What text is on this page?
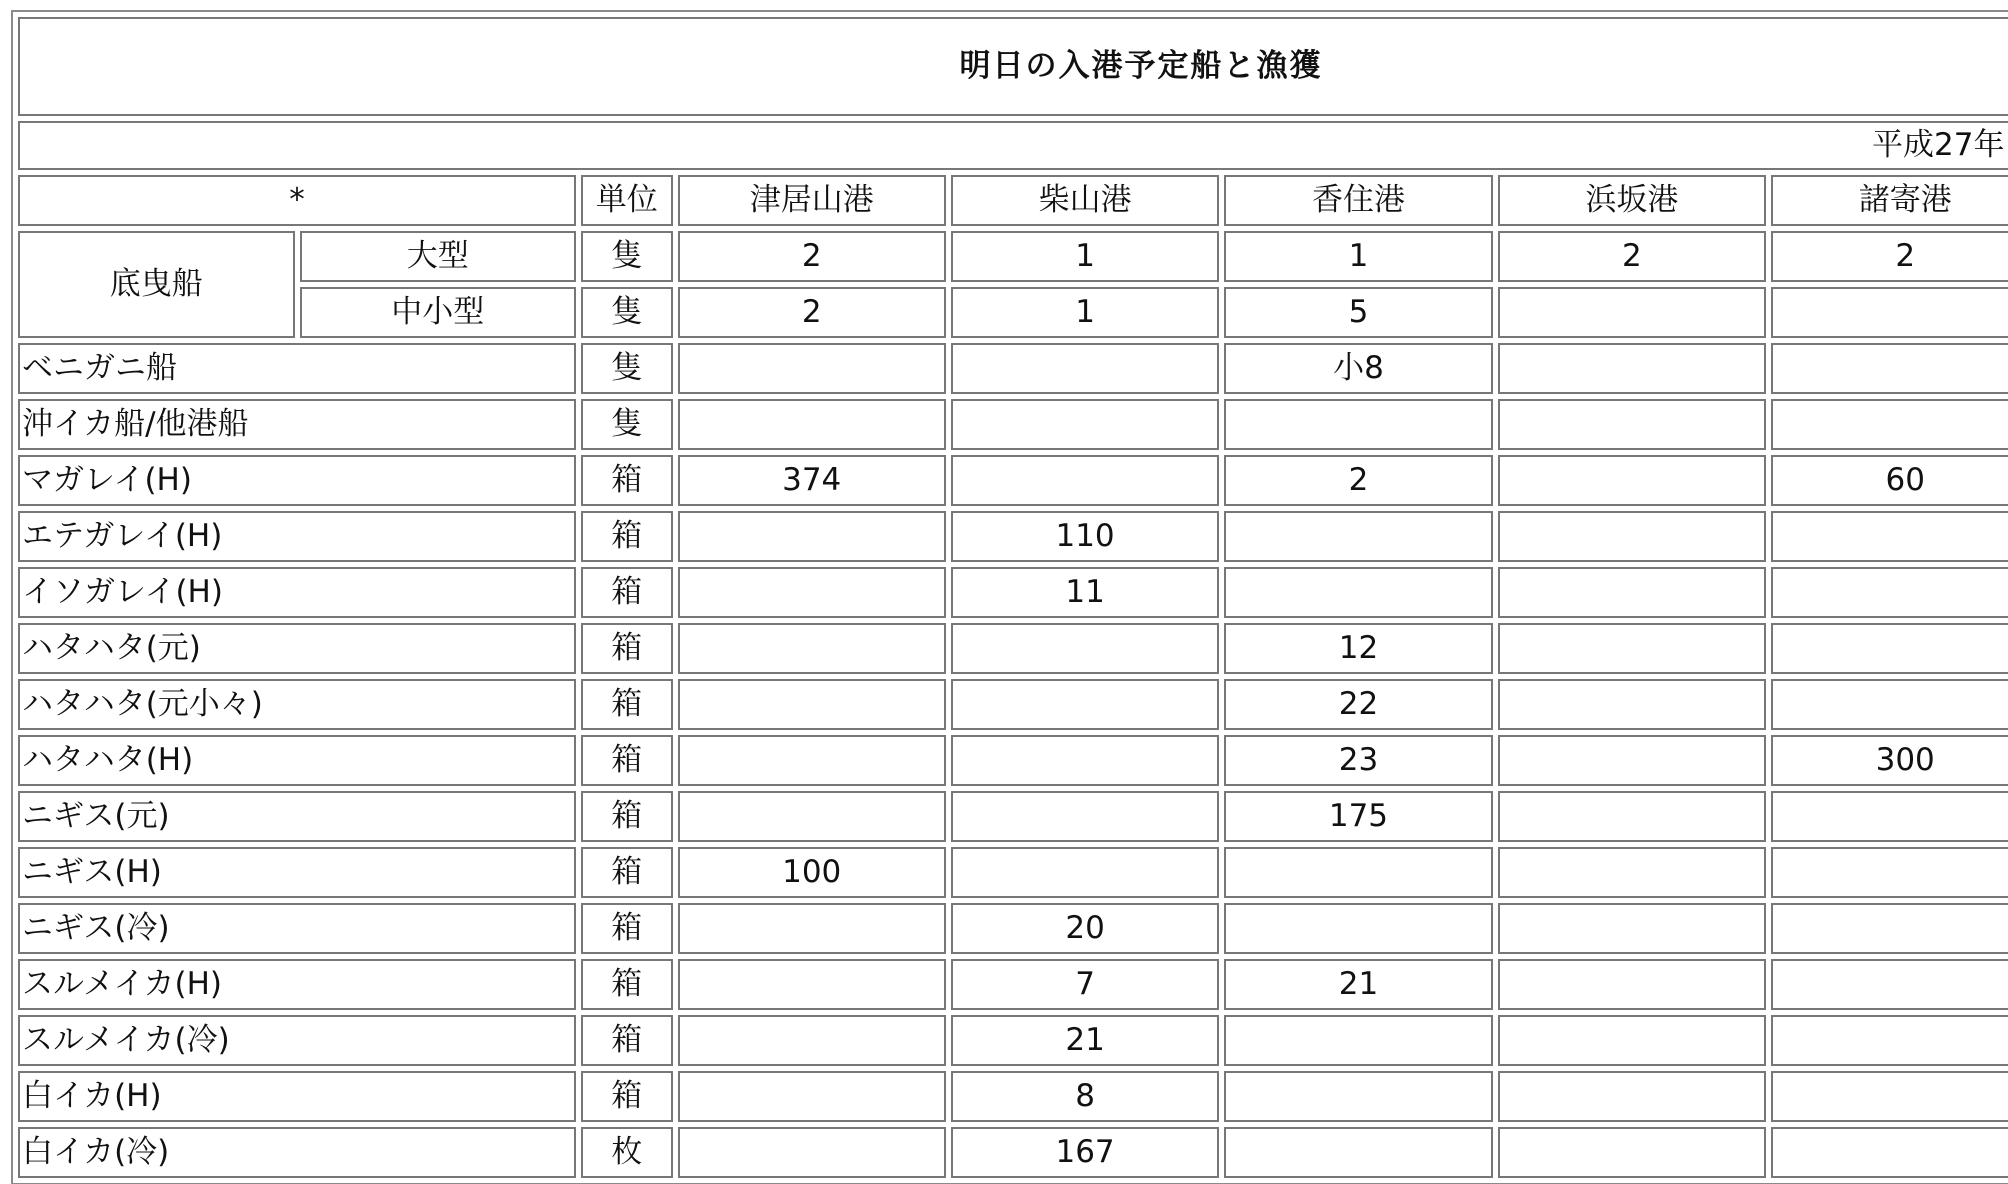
明日の入港予定船と漁獲								
平成27年								
*		単位	津居山港	柴山港	香住港	浜坂港	諸寄港	
底曳船	大型	隻	2	1	1	2	2	
	中小型	隻	2	1	5			
ベニガニ船		隻			小8			
沖イカ船/他港船		隻						
マガレイ(H)		箱	374		2		60	
エテガレイ(H)		箱		110				
イソガレイ(H)		箱		11				
ハタハタ(元)		箱			12			
ハタハタ(元小々)		箱			22			
ハタハタ(H)		箱			23		300	
ニギス(元)		箱			175			
ニギス(H)		箱	100					
ニギス(冷)		箱		20				
スルメイカ(H)		箱		7	21			
スルメイカ(冷)		箱		21				
白イカ(H)		箱		8				
白イカ(冷)		枚		167				
